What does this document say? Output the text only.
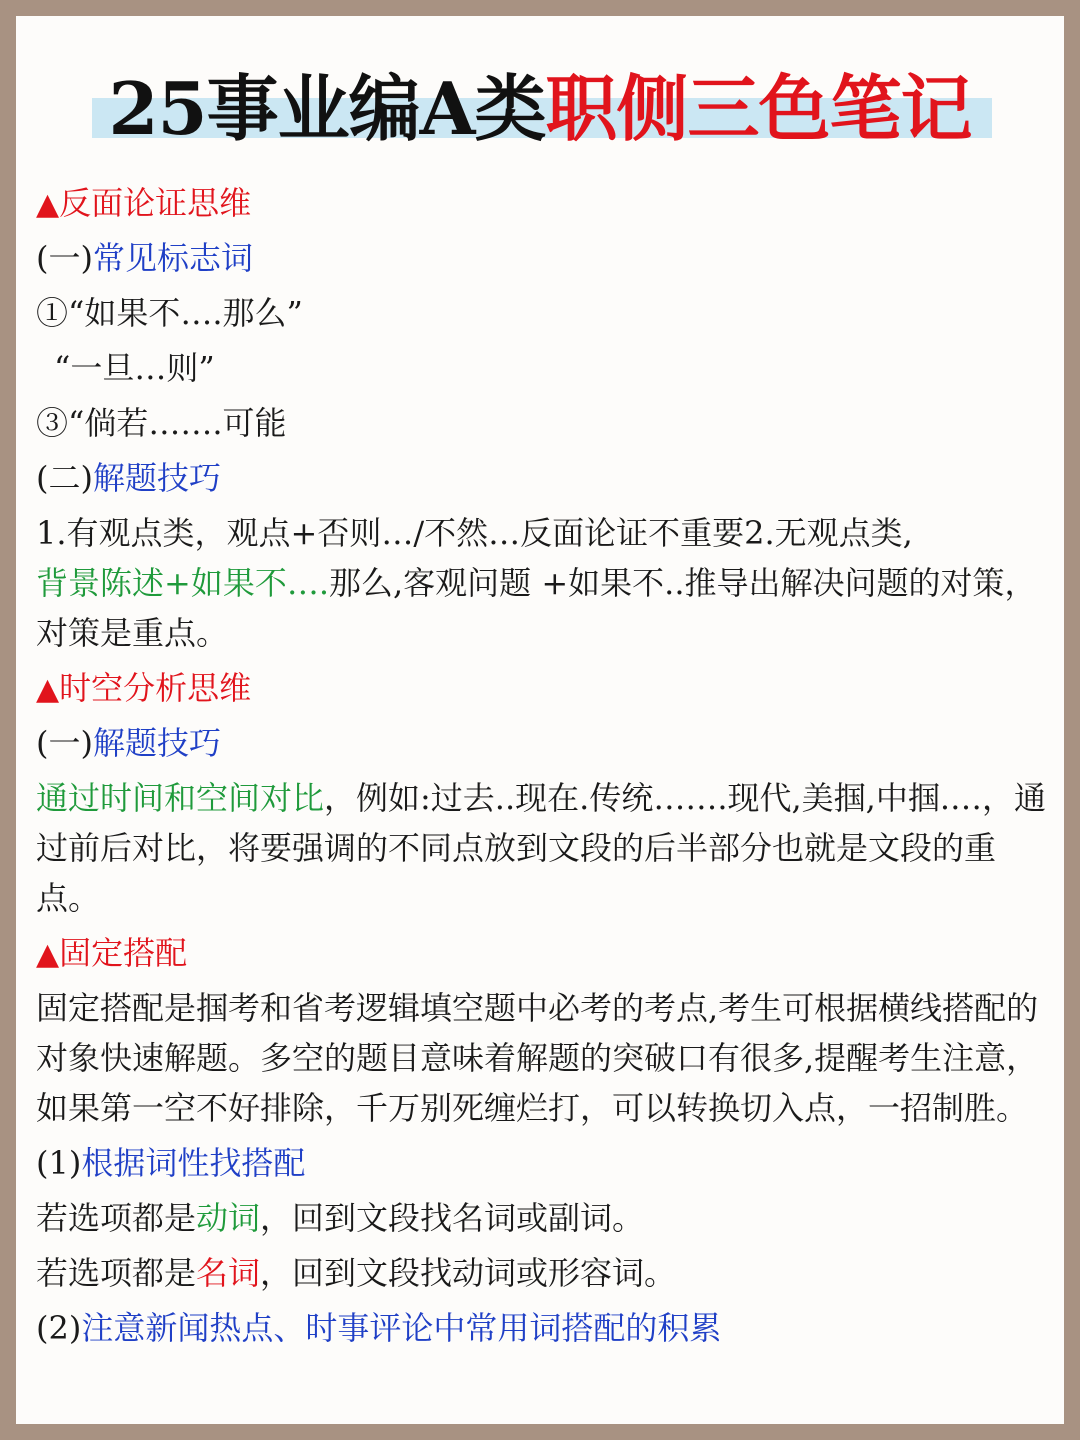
25事业编A类职侧三色笔记
▲反面论证思维
(一)常见标志词
①“如果不….那么”
“一旦…则”
③“倘若…….可能
(二)解题技巧
1.有观点类，观点+否则…/不然…反面论证不重要2.无观点类,
背景陈述+如果不….那么,客观问题 +如果不..推导出解决问题的对策，对策是重点。
▲时空分析思维
(一)解题技巧
通过时间和空间对比，例如:过去..现在.传统…….现代,美掴,中掴.…，通过前后对比，将要强调的不同点放到文段的后半部分也就是文段的重点。
▲固定搭配
固定搭配是掴考和省考逻辑填空题中必考的考点,考生可根据横线搭配的对象快速解题。多空的题目意味着解题的突破口有很多,提醒考生注意，如果第一空不好排除，千万别死缠烂打，可以转换切入点，一招制胜。
(1)根据词性找搭配
若选项都是动词，回到文段找名词或副词。
若选项都是名词，回到文段找动词或形容词。
(2)注意新闻热点、时事评论中常用词搭配的积累
